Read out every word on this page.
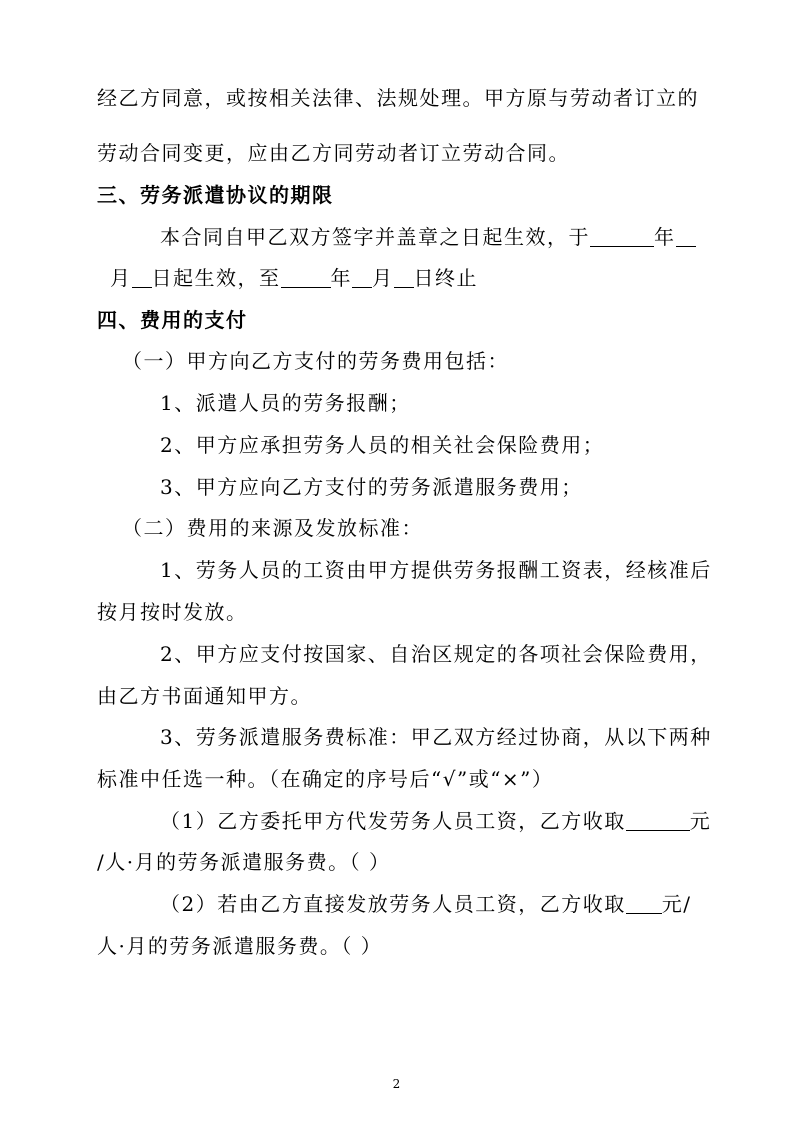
经乙方同意，或按相关法律、法规处理。甲方原与劳动者订立的
劳动合同变更，应由乙方同劳动者订立劳动合同。
三、劳务派遣协议的期限
本合同自甲乙双方签字并盖章之日起生效，于	年
月 日起生效，至	年 月 日终止
四、费用的支付
（一）甲方向乙方支付的劳务费用包括：
1、派遣人员的劳务报酬；
2、甲方应承担劳务人员的相关社会保险费用；
3、甲方应向乙方支付的劳务派遣服务费用；
（二）费用的来源及发放标准：
1、劳务人员的工资由甲方提供劳务报酬工资表，经核准后
按月按时发放。
2、甲方应支付按国家、自治区规定的各项社会保险费用，
由乙方书面通知甲方。
3、劳务派遣服务费标准：甲乙双方经过协商，从以下两种
标准中任选一种。（在确定的序号后“√”或“×”）
（1）乙方委托甲方代发劳务人员工资，乙方收取	元
/人·月的劳务派遣服务费。（ ）
（2）若由乙方直接发放劳务人员工资，乙方收取 元/
人·月的劳务派遣服务费。（ ）
2
